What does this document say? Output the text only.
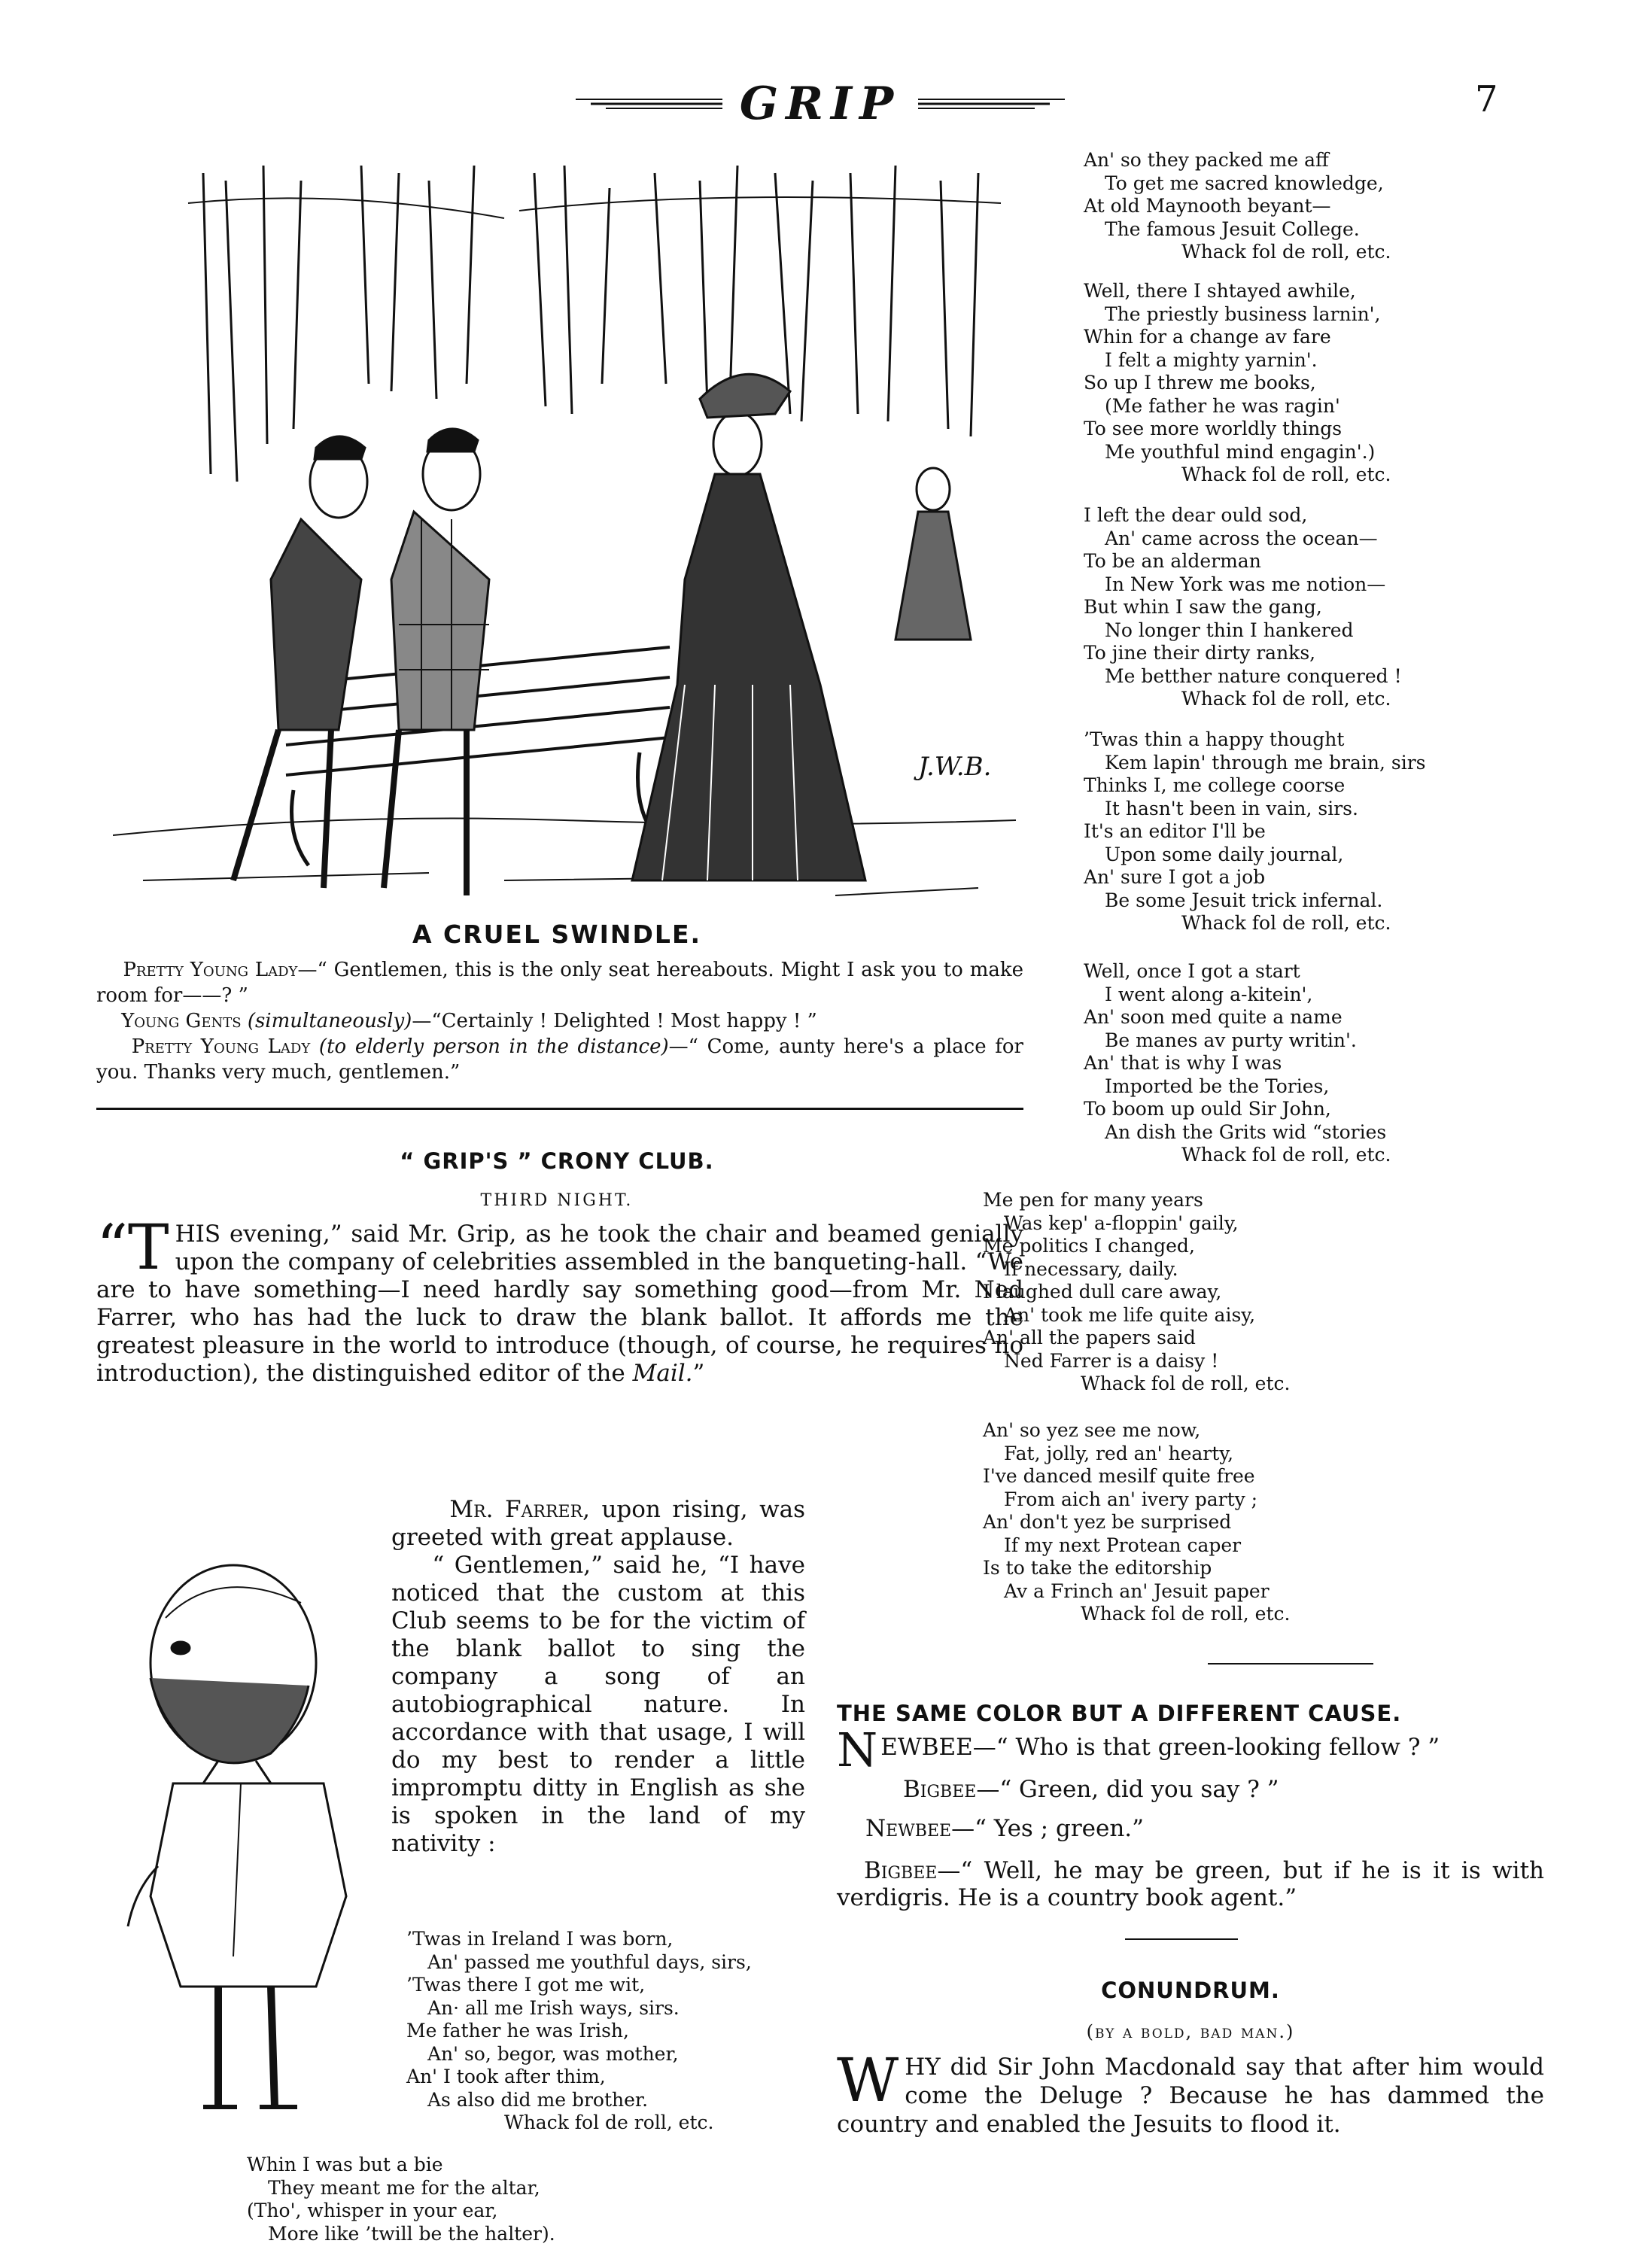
GRIP	7
J.W.B.
A CRUEL SWINDLE.
Pretty Young Lady—“ Gentlemen, this is the only seat hereabouts. Might I ask you to make room for——? ”
Young Gents (simultaneously)—“Certainly ! Delighted ! Most happy ! ”
Pretty Young Lady (to elderly person in the distance)—“ Come, aunty here's a place for you. Thanks very much, gentlemen.”
“ GRIP'S ” CRONY CLUB.
THIRD NIGHT.
“T HIS evening,” said Mr. Grip, as he took the chair and beamed genially upon the company of celebrities assembled in the banqueting-hall. “We are to have something—I need hardly say something good—from Mr. Ned Farrer, who has had the luck to draw the blank ballot. It affords me the greatest pleasure in the world to introduce (though, of course, he requires no introduction), the distinguished editor of the Mail.”
Mr. Farrer, upon rising, was greeted with great applause.
“ Gentlemen,” said he, “I have noticed that the custom at this Club seems to be for the victim of the blank ballot to sing the company a song of an autobiographical nature. In accordance with that usage, I will do my best to render a little impromptu ditty in English as she is spoken in the land of my nativity :
’Twas in Ireland I was born,
An' passed me youthful days, sirs,
’Twas there I got me wit,
An· all me Irish ways, sirs.
Me father he was Irish,
An' so, begor, was mother,
An' I took after thim,
As also did me brother.
Whack fol de roll, etc.
Whin I was but a bie
They meant me for the altar,
(Tho', whisper in your ear,
More like ’twill be the halter).
An' so they packed me aff
To get me sacred knowledge,
At old Maynooth beyant—
The famous Jesuit College.
Whack fol de roll, etc.
Well, there I shtayed awhile,
The priestly business larnin',
Whin for a change av fare
I felt a mighty yarnin'.
So up I threw me books,
(Me father he was ragin'
To see more worldly things
Me youthful mind engagin'.)
Whack fol de roll, etc.
I left the dear ould sod,
An' came across the ocean—
To be an alderman
In New York was me notion—
But whin I saw the gang,
No longer thin I hankered
To jine their dirty ranks,
Me betther nature conquered !
Whack fol de roll, etc.
’Twas thin a happy thought
Kem lapin' through me brain, sirs
Thinks I, me college coorse
It hasn't been in vain, sirs.
It's an editor I'll be
Upon some daily journal,
An' sure I got a job
Be some Jesuit trick infernal.
Whack fol de roll, etc.
Well, once I got a start
I went along a-kitein',
An' soon med quite a name
Be manes av purty writin'.
An' that is why I was
Imported be the Tories,
To boom up ould Sir John,
An dish the Grits wid “stories
Whack fol de roll, etc.
Me pen for many years
Was kep' a-floppin' gaily,
Me politics I changed,
If necessary, daily.
I laughed dull care away,
An' took me life quite aisy,
An' all the papers said
Ned Farrer is a daisy !
Whack fol de roll, etc.
An' so yez see me now,
Fat, jolly, red an' hearty,
I've danced mesilf quite free
From aich an' ivery party ;
An' don't yez be surprised
If my next Protean caper
Is to take the editorship
Av a Frinch an' Jesuit paper
Whack fol de roll, etc.
THE SAME COLOR BUT A DIFFERENT CAUSE.
NEWBEE—“ Who is that green-looking fellow ? ”
Bigbee—“ Green, did you say ? ”
Newbee—“ Yes ; green.”
Bigbee—“ Well, he may be green, but if he is it is with verdigris. He is a country book agent.”
CONUNDRUM.
(by a bold, bad man.)
WHY did Sir John Macdonald say that after him would come the Deluge ? Because he has dammed the country and enabled the Jesuits to flood it.
